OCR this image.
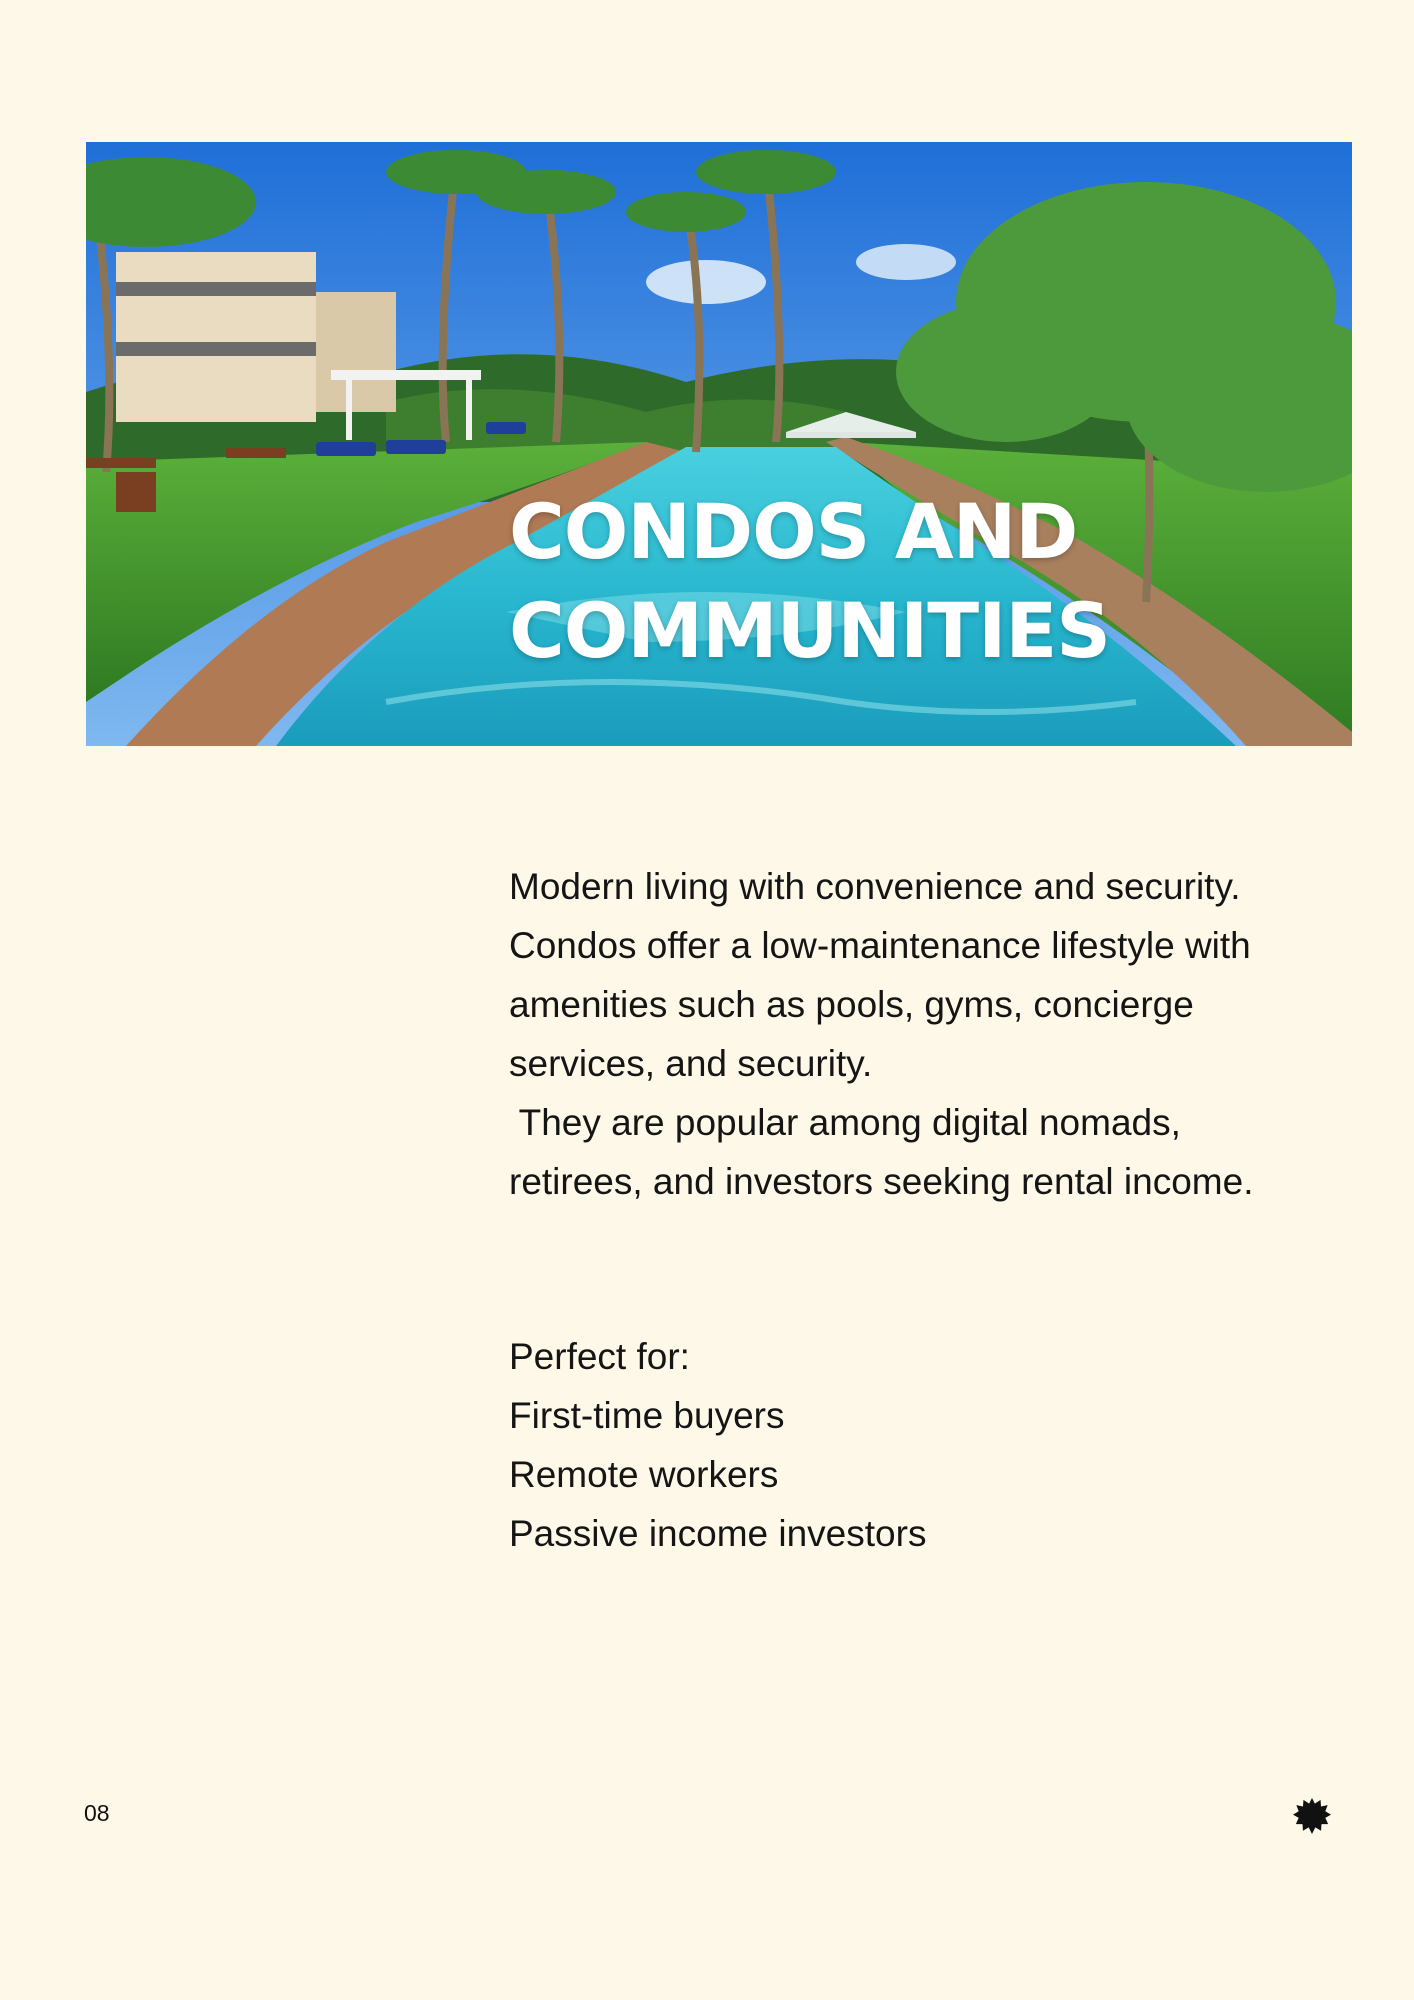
CONDOS AND
COMMUNITIES

Modern living with convenience and security.

Condos offer a low-maintenance lifestyle with

amenities such as pools, gyms, concierge

services, and security.

They are popular among digital nomads,

retirees, and investors seeking rental income.

Perfect for:

First-time buyers
Remote workers
Passive income investors
08
